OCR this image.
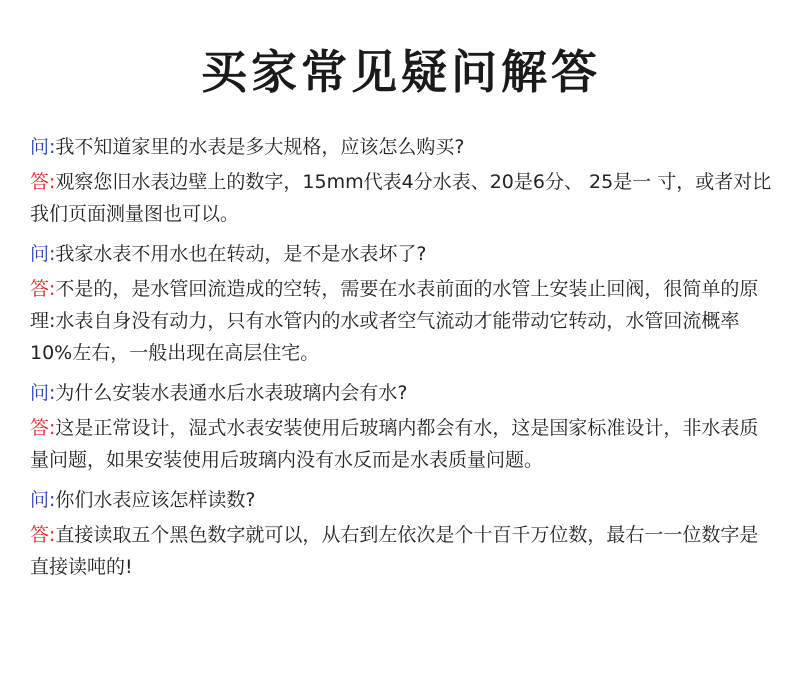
买家常见疑问解答

问:我不知道家里的水表是多大规格，应该怎么购买?

答:观察您旧水表边壁上的数字，15mm代表4分水表、20是6分、 25是一 寸，或者对比我们页面测量图也可以。

问:我家水表不用水也在转动，是不是水表坏了?

答:不是的，是水管回流造成的空转，需要在水表前面的水管上安装止回阀，很简单的原理:水表自身没有动力，只有水管内的水或者空气流动才能带动它转动，水管回流概率10%左右，一般出现在高层住宅。

问:为什么安装水表通水后水表玻璃内会有水?

答:这是正常设计，湿式水表安装使用后玻璃内都会有水，这是国家标准设计，非水表质量问题，如果安装使用后玻璃内没有水反而是水表质量问题。

问:你们水表应该怎样读数?

答:直接读取五个黑色数字就可以，从右到左依次是个十百千万位数，最右一一位数字是直接读吨的!
